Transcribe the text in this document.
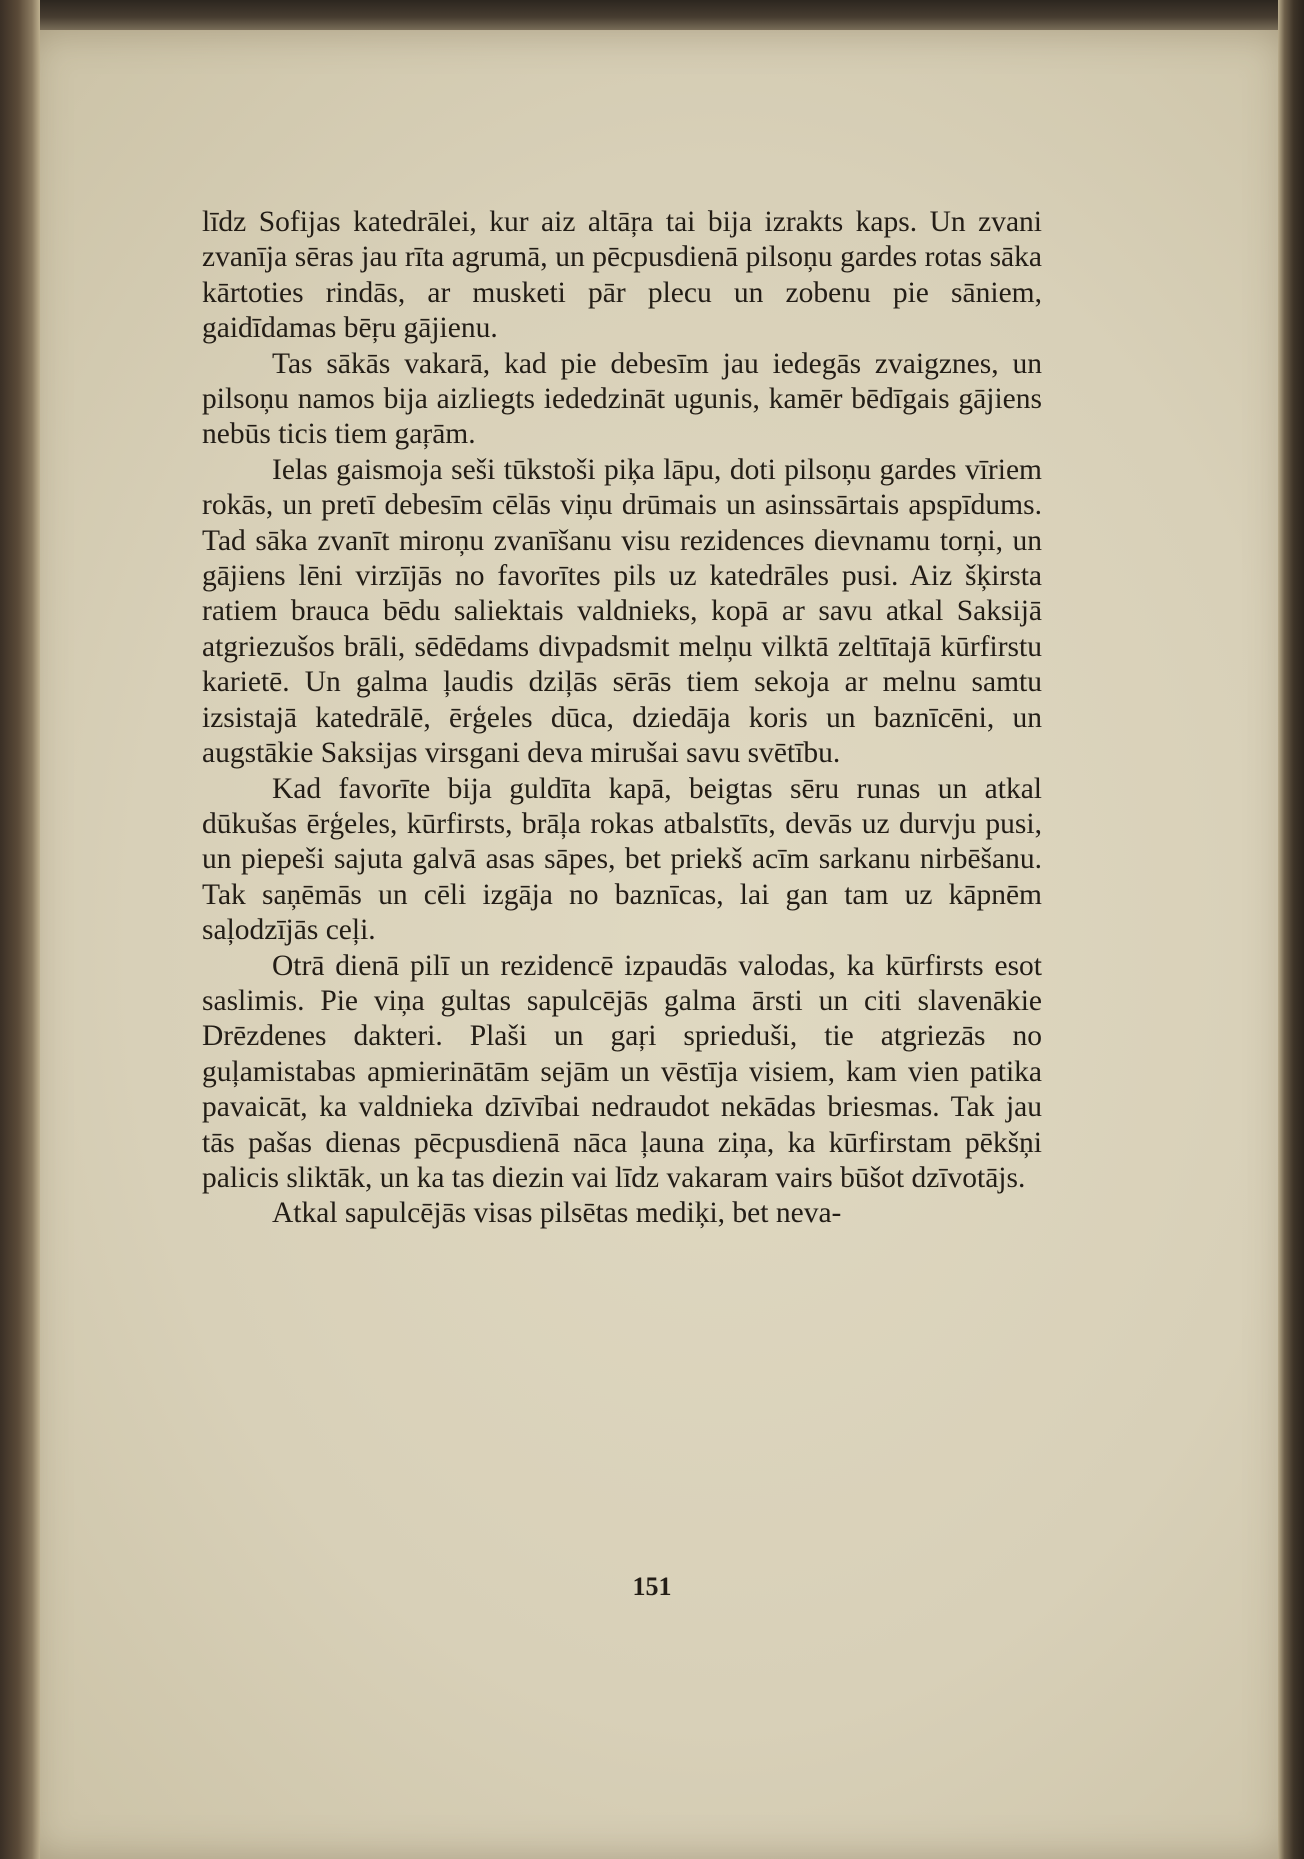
līdz Sofijas katedrālei, kur aiz altāŗa tai bija izrakts kaps. Un zvani zvanīja sēras jau rīta agrumā, un pēcpusdienā pilsoņu gardes rotas sāka kārtoties rindās, ar musketi pār plecu un zobenu pie sāniem, gaidīdamas bēŗu gājienu.

Tas sākās vakarā, kad pie debesīm jau iedegās zvaigznes, un pilsoņu namos bija aizliegts iededzināt ugunis, kamēr bēdīgais gājiens nebūs ticis tiem gaŗām.

Ielas gaismoja seši tūkstoši piķa lāpu, doti pilsoņu gardes vīriem rokās, un pretī debesīm cēlās viņu drūmais un asinssārtais apspīdums. Tad sāka zvanīt miroņu zvanīšanu visu rezidences dievnamu torņi, un gājiens lēni virzījās no favorītes pils uz katedrāles pusi. Aiz šķirsta ratiem brauca bēdu saliektais valdnieks, kopā ar savu atkal Saksijā atgriezušos brāli, sēdēdams divpadsmit melņu vilktā zeltītajā kūrfirstu karietē. Un galma ļaudis dziļās sērās tiem sekoja ar melnu samtu izsistajā katedrālē, ērģeles dūca, dziedāja koris un baznīcēni, un augstākie Saksijas virsgani deva mirušai savu svētību.

Kad favorīte bija guldīta kapā, beigtas sēru runas un atkal dūkušas ērģeles, kūrfirsts, brāļa rokas atbalstīts, devās uz durvju pusi, un piepeši sajuta galvā asas sāpes, bet priekš acīm sarkanu nirbēšanu. Tak saņēmās un cēli izgāja no baznīcas, lai gan tam uz kāpnēm saļodzījās ceļi.

Otrā dienā pilī un rezidencē izpaudās valodas, ka kūrfirsts esot saslimis. Pie viņa gultas sapulcējās galma ārsti un citi slavenākie Drēzdenes dakteri. Plaši un gaŗi sprieduši, tie atgriezās no guļamistabas apmierinātām sejām un vēstīja visiem, kam vien patika pavaicāt, ka valdnieka dzīvībai nedraudot nekādas briesmas. Tak jau tās pašas dienas pēcpusdienā nāca ļauna ziņa, ka kūrfirstam pēkšņi palicis sliktāk, un ka tas diezin vai līdz vakaram vairs būšot dzīvotājs.

Atkal sapulcējās visas pilsētas mediķi, bet neva-

151
